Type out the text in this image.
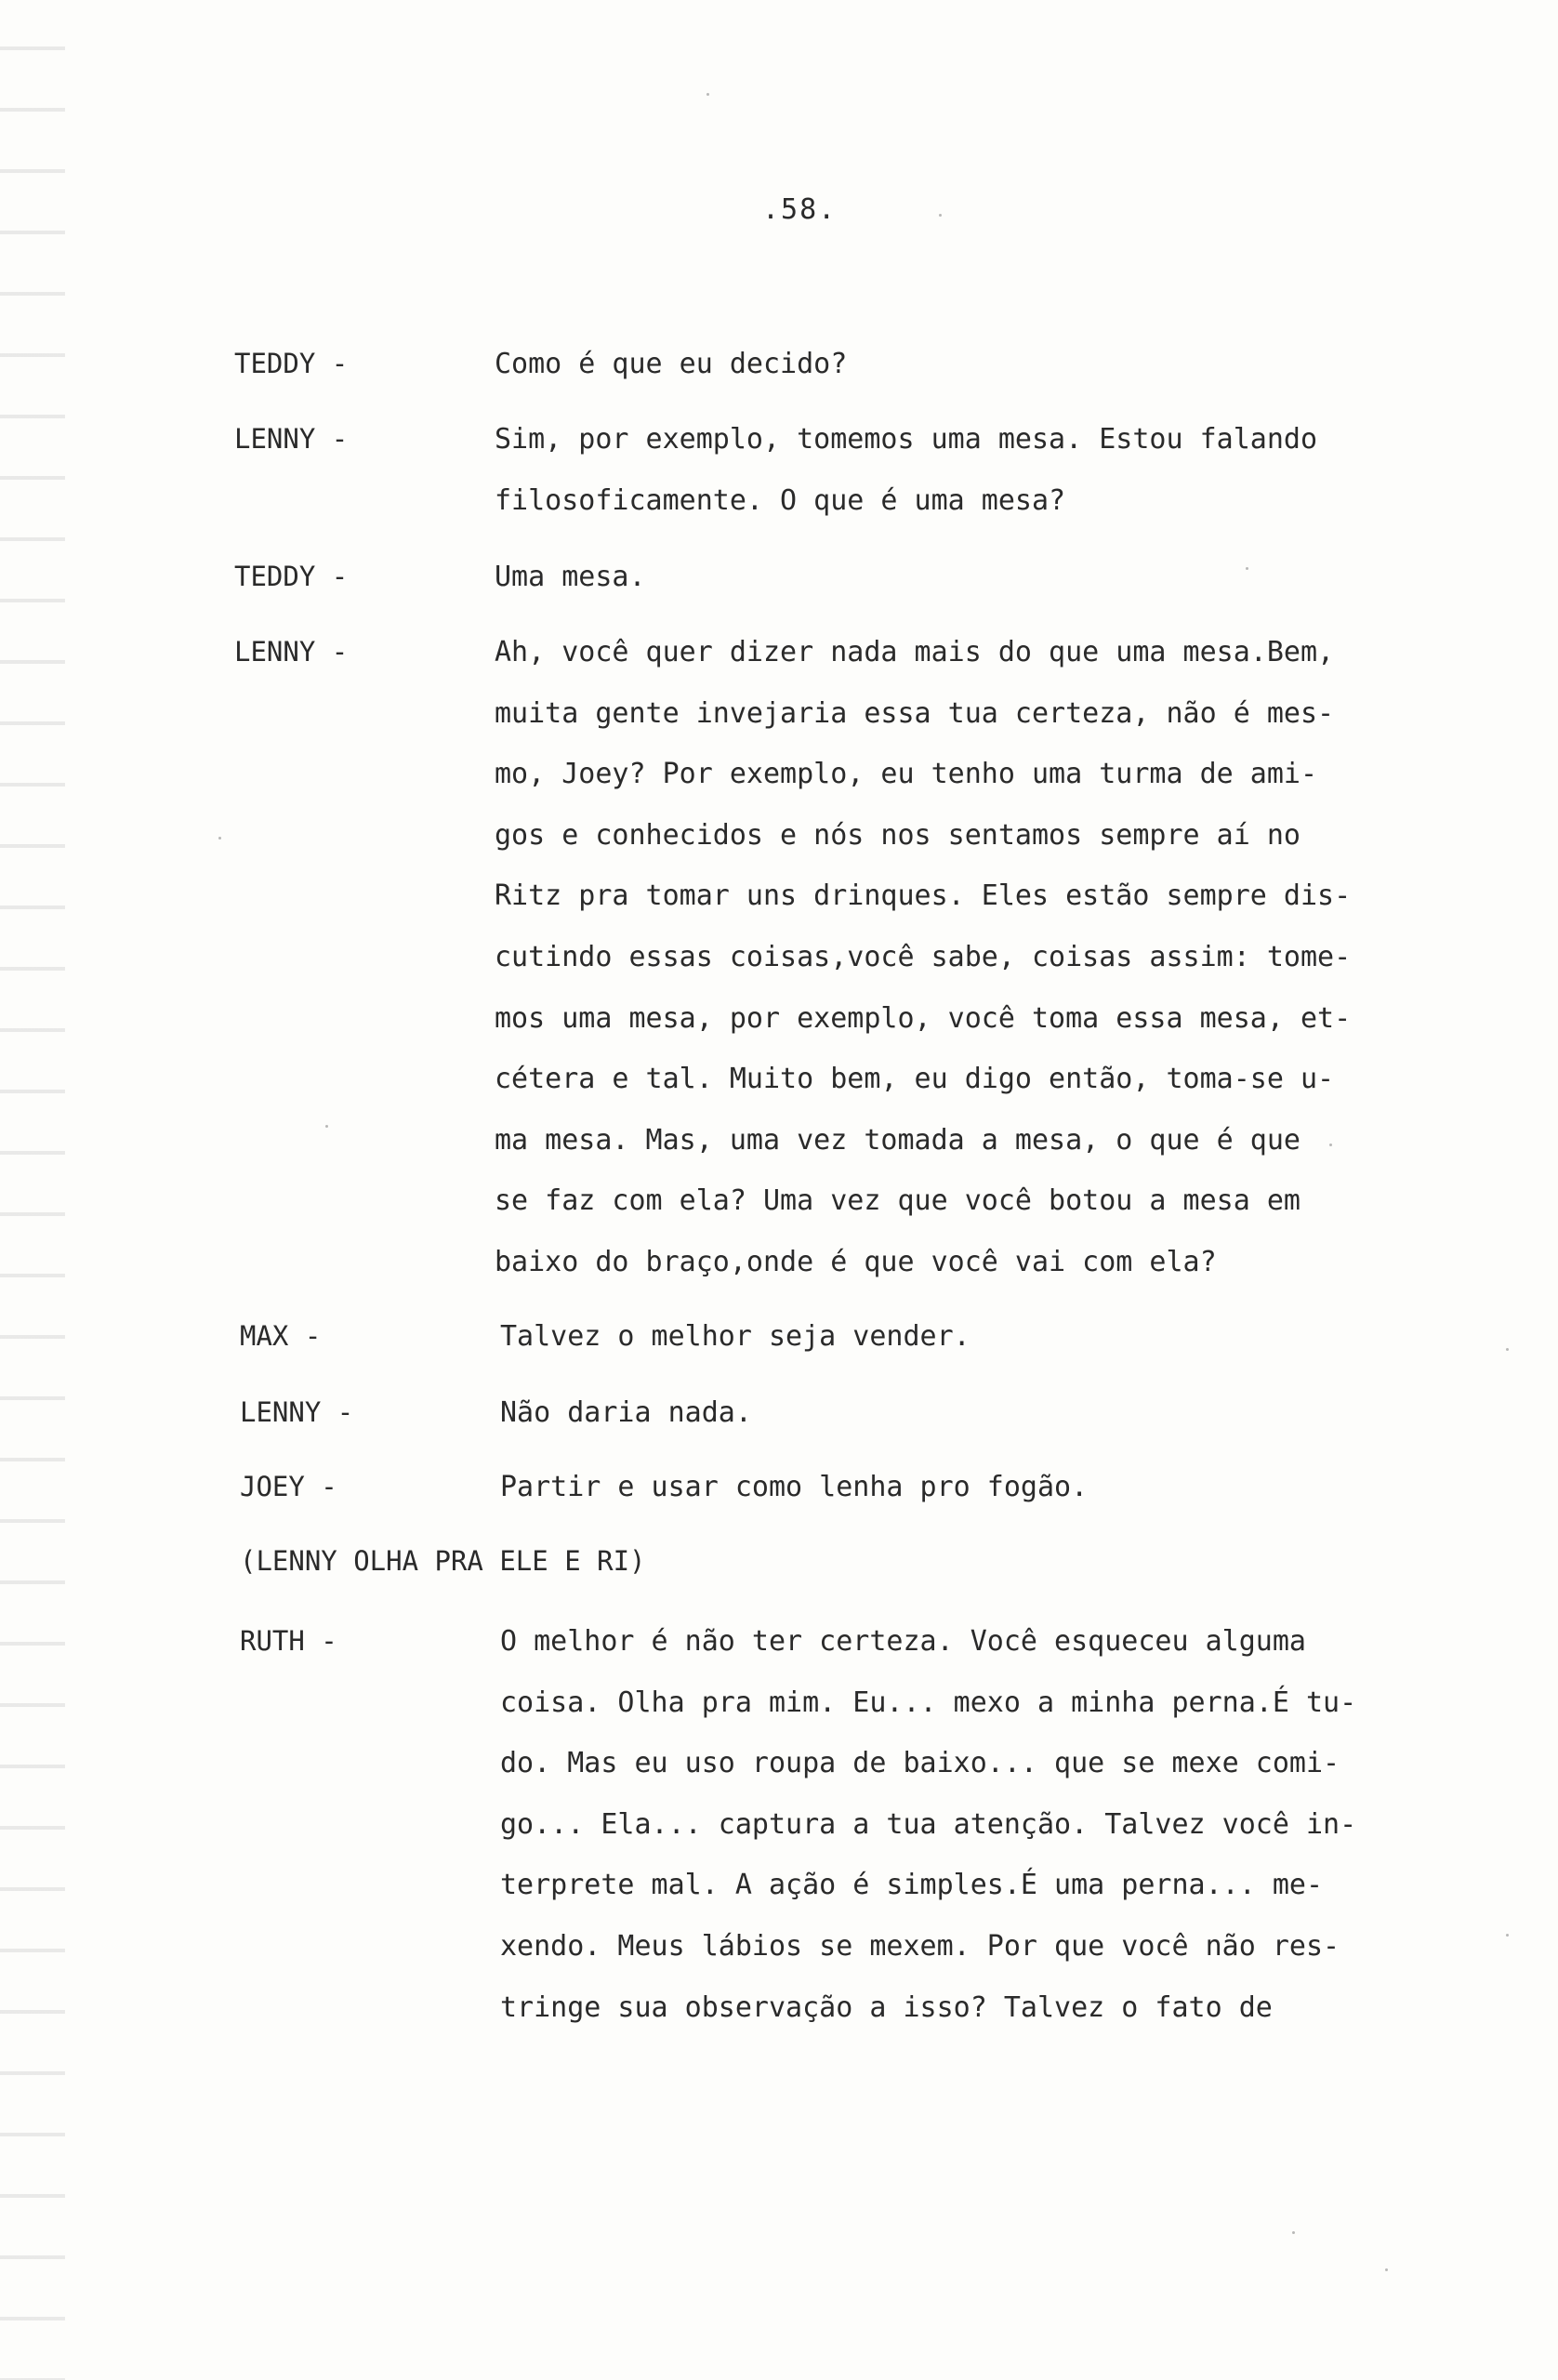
.58.
TEDDY -	Como é que eu decido?
LENNY -	Sim, por exemplo, tomemos uma mesa. Estou falando
filosoficamente. O que é uma mesa?
TEDDY -	Uma mesa.
LENNY -	Ah, você quer dizer nada mais do que uma mesa.Bem,
muita gente invejaria essa tua certeza, não é mes-
mo, Joey? Por exemplo, eu tenho uma turma de ami-
gos e conhecidos e nós nos sentamos sempre aí no
Ritz pra tomar uns drinques. Eles estão sempre dis-
cutindo essas coisas,você sabe, coisas assim: tome-
mos uma mesa, por exemplo, você toma essa mesa, et-
cétera e tal. Muito bem, eu digo então, toma-se u-
ma mesa. Mas, uma vez tomada a mesa, o que é que
se faz com ela? Uma vez que você botou a mesa em
baixo do braço,onde é que você vai com ela?
MAX -	Talvez o melhor seja vender.
LENNY -	Não daria nada.
JOEY -	Partir e usar como lenha pro fogão.
(LENNY OLHA PRA ELE E RI)
RUTH -	O melhor é não ter certeza. Você esqueceu alguma
coisa. Olha pra mim. Eu... mexo a minha perna.É tu-
do. Mas eu uso roupa de baixo... que se mexe comi-
go... Ela... captura a tua atenção. Talvez você in-
terprete mal. A ação é simples.É uma perna... me-
xendo. Meus lábios se mexem. Por que você não res-
tringe sua observação a isso? Talvez o fato de
